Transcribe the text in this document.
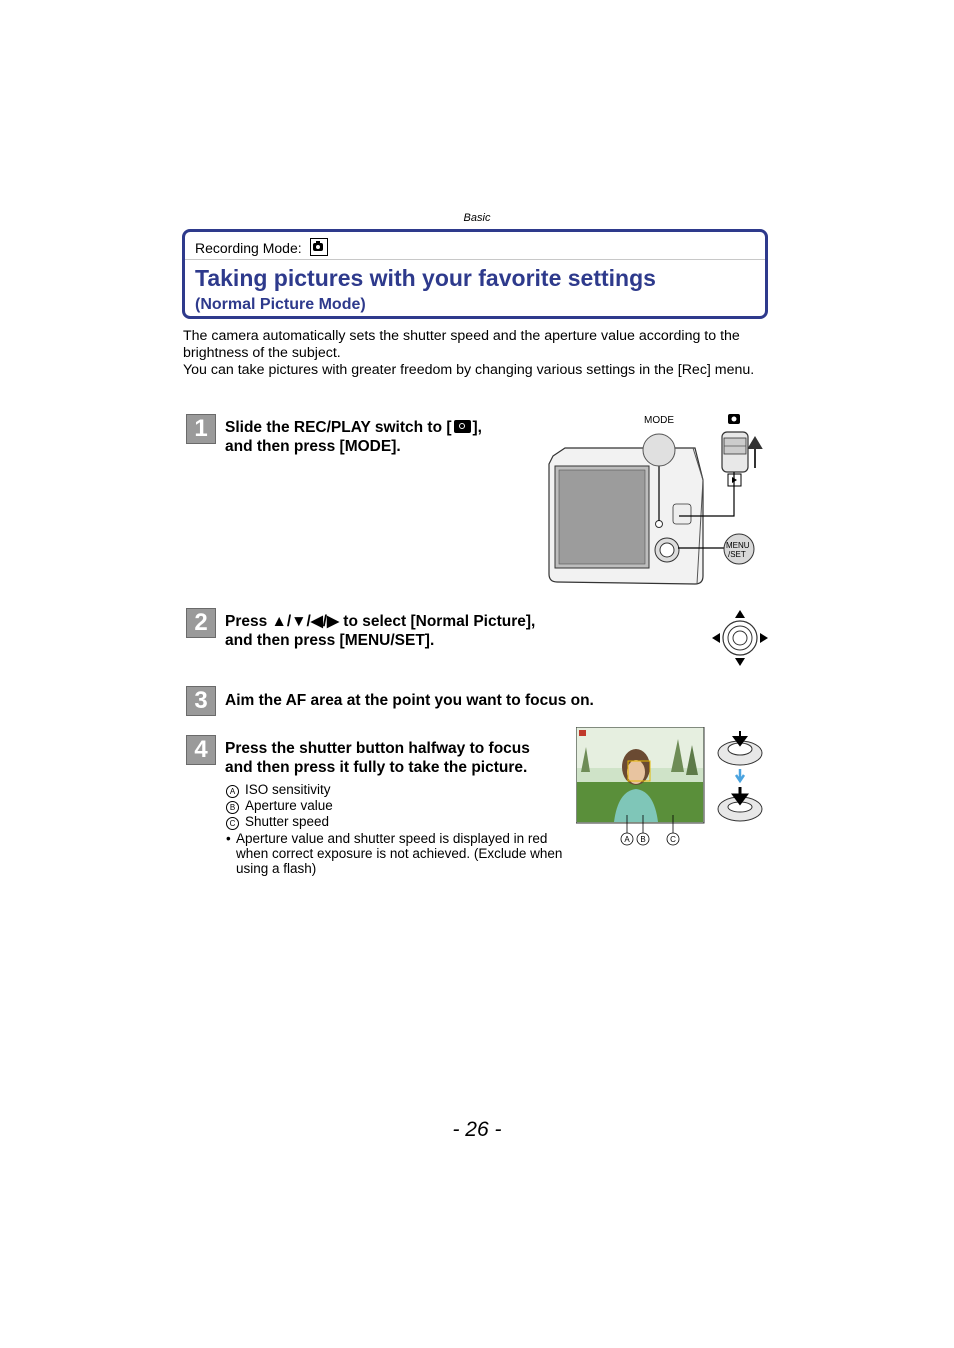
Basic
Recording Mode:
Taking pictures with your favorite settings
(Normal Picture Mode)
The camera automatically sets the shutter speed and the aperture value according to the brightness of the subject.
You can take pictures with greater freedom by changing various settings in the [Rec] menu.
1	Slide the REC/PLAY switch to [ ],
and then press [MODE].
MODE
MENU
/SET
2	Press ▲/▼/◀/▶ to select [Normal Picture],
and then press [MENU/SET].
3	Aim the AF area at the point you want to focus on.
4	Press the shutter button halfway to focus
and then press it fully to take the picture.
A ISO sensitivity
B Aperture value
C Shutter speed
• Aperture value and shutter speed is displayed in red when correct exposure is not achieved. (Exclude when using a flash)
A B	C
- 26 -
